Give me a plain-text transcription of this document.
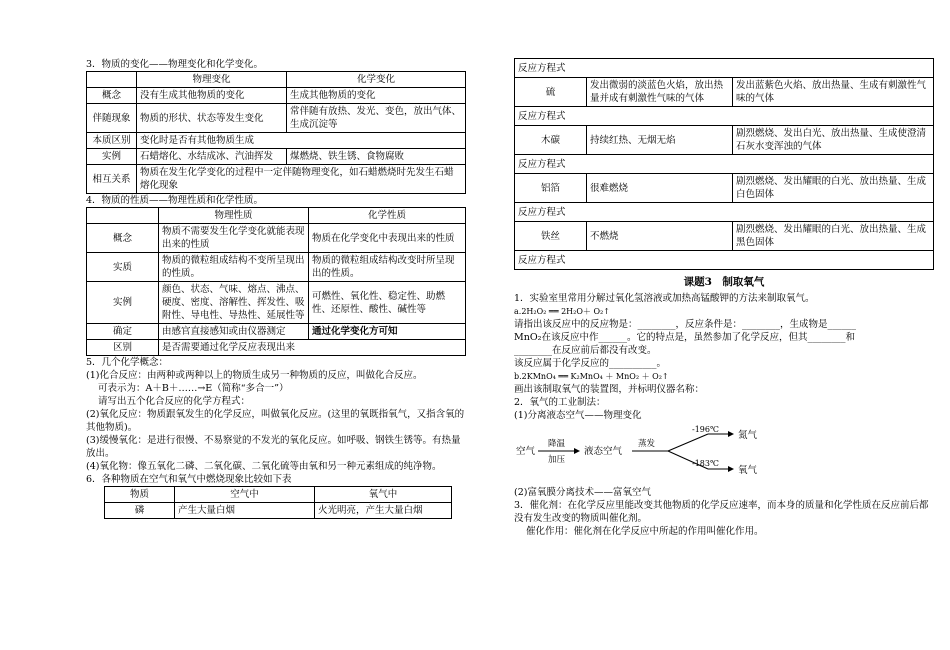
3．物质的变化——物理变化和化学变化。

	物理变化	化学变化
概念	没有生成其他物质的变化	生成其他物质的变化
伴随现象	物质的形状、状态等发生变化	常伴随有放热、发光、变色，放出气体、生成沉淀等
本质区别	变化时是否有其他物质生成	
实例	石蜡熔化、水结成冰、汽油挥发	煤燃烧、铁生锈、食物腐败
相互关系	物质在发生化学变化的过程中一定伴随物理变化，如石蜡燃烧时先发生石蜡熔化现象	

4．物质的性质——物理性质和化学性质。

	物理性质	化学性质
概念	物质不需要发生化学变化就能表现出来的性质	物质在化学变化中表现出来的性质
实质	物质的微粒组成结构不变所呈现出的性质。	物质的微粒组成结构改变时所呈现出的性质。
实例	颜色、状态、气味、熔点、沸点、硬度、密度、溶解性、挥发性、吸附性、导电性、导热性、延展性等	可燃性、氧化性、稳定性、助燃性、还原性、酸性、碱性等
确定	由感官直接感知或由仪器测定	通过化学变化方可知
区别	是否需要通过化学反应表现出来	

5．几个化学概念：

(1)化合反应：由两种或两种以上的物质生成另一种物质的反应，叫做化合反应。

可表示为：A＋B＋……→E（简称“多合一”）

请写出五个化合反应的化学方程式：

(2)氧化反应：物质跟氧发生的化学反应，叫做氧化反应。(这里的氧既指氧气，又指含氧的其他物质)。

(3)缓慢氧化：是进行很慢、不易察觉的不发光的氧化反应。如呼吸、钢铁生锈等。有热量放出。

(4)氧化物：像五氧化二磷、二氧化碳、二氧化硫等由氧和另一种元素组成的纯净物。

6．各种物质在空气和氧气中燃烧现象比较如下表

物质	空气中	氧气中
磷	产生大量白烟	火光明亮，产生大量白烟
反应方程式		
硫	发出微弱的淡蓝色火焰，放出热量并成有刺激性气味的气体	发出蓝紫色火焰、放出热量、生成有刺激性气味的气体
反应方程式		
木碳	持续红热、无烟无焰	剧烈燃烧、发出白光、放出热量、生成使澄清石灰水变浑浊的气体
反应方程式		
铝箔	很难燃烧	剧烈燃烧、发出耀眼的白光、放出热量、生成白色固体
反应方程式		
铁丝	不燃烧	剧烈燃烧、发出耀眼的白光、放出热量、生成黑色固体
反应方程式		
课题3　制取氧气

1．实验室里常用分解过氧化氢溶液或加热高锰酸钾的方法来制取氧气。

a.2H₂O₂ ══ 2H₂O＋ O₂↑

请指出该反应中的反应物是：________，反应条件是：________，生成物是______

MnO₂在该反应中作______。它的特点是，虽然参加了化学反应，但其________和

________在反应前后都没有改变。

该反应属于化学反应的__________。

b.2KMnO₄ ══ K₂MnO₄ ＋ MnO₂ ＋ O₂↑

画出该制取氧气的装置图，并标明仪器名称：

2．氧气的工业制法：

(1)分离液态空气——物理变化

空气
降温
加压
液态空气
蒸发
-196℃
-183℃
氮气
氧气

(2)富氧膜分离技术——富氧空气

3．催化剂：在化学反应里能改变其他物质的化学反应速率，而本身的质量和化学性质在反应前后都没有发生改变的物质叫催化剂。

催化作用：催化剂在化学反应中所起的作用叫催化作用。
